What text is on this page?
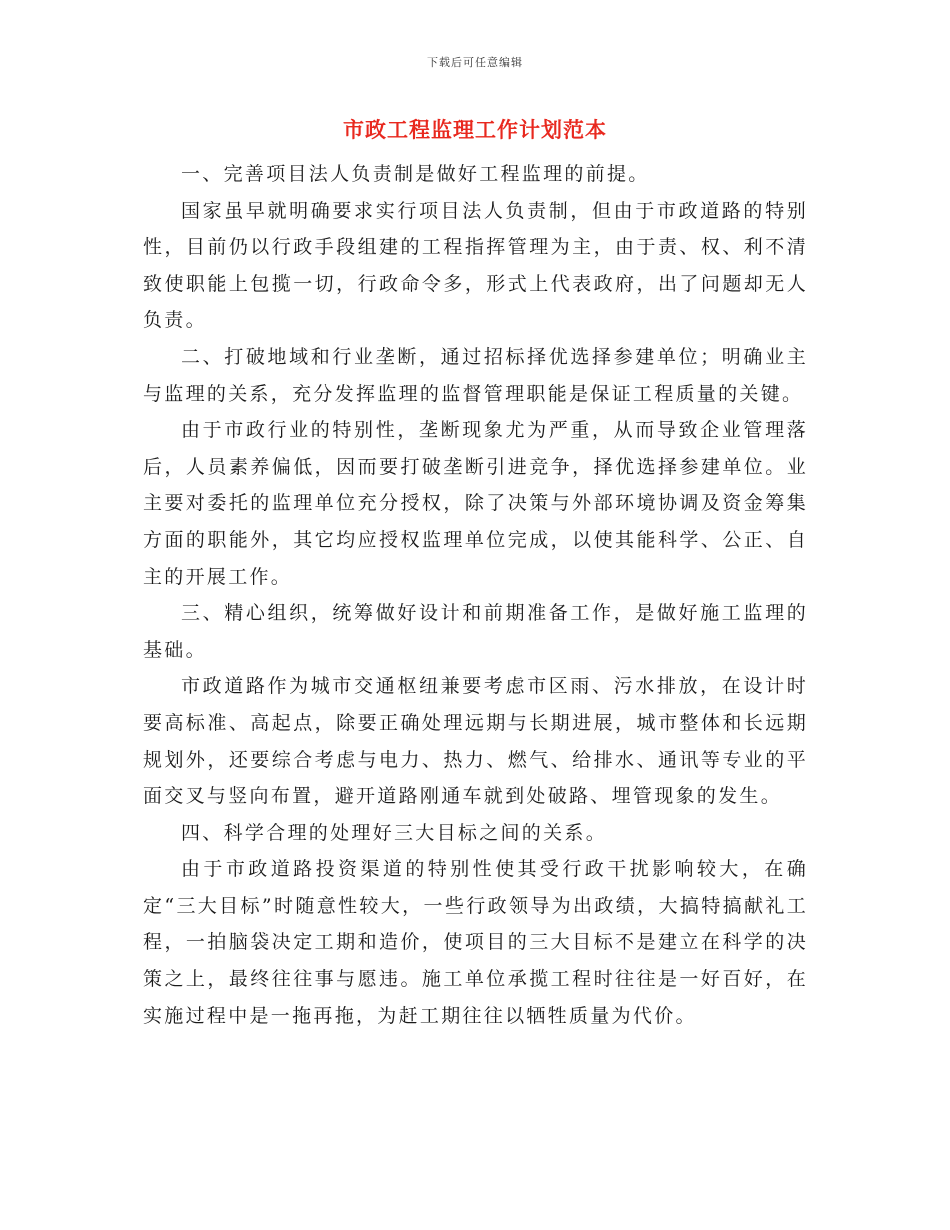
下载后可任意编辑
市政工程监理工作计划范本

一、完善项目法人负责制是做好工程监理的前提。

国家虽早就明确要求实行项目法人负责制，但由于市政道路的特别性，目前仍以行政手段组建的工程指挥管理为主，由于责、权、利不清致使职能上包揽一切，行政命令多，形式上代表政府，出了问题却无人负责。

二、打破地域和行业垄断，通过招标择优选择参建单位；明确业主与监理的关系，充分发挥监理的监督管理职能是保证工程质量的关键。

由于市政行业的特别性，垄断现象尤为严重，从而导致企业管理落后，人员素养偏低，因而要打破垄断引进竞争，择优选择参建单位。业主要对委托的监理单位充分授权，除了决策与外部环境协调及资金筹集方面的职能外，其它均应授权监理单位完成，以使其能科学、公正、自主的开展工作。

三、精心组织，统筹做好设计和前期准备工作，是做好施工监理的基础。

市政道路作为城市交通枢纽兼要考虑市区雨、污水排放，在设计时要高标准、高起点，除要正确处理远期与长期进展，城市整体和长远期规划外，还要综合考虑与电力、热力、燃气、给排水、通讯等专业的平面交叉与竖向布置，避开道路刚通车就到处破路、埋管现象的发生。

四、科学合理的处理好三大目标之间的关系。

由于市政道路投资渠道的特别性使其受行政干扰影响较大，在确定“三大目标”时随意性较大，一些行政领导为出政绩，大搞特搞献礼工程，一拍脑袋决定工期和造价，使项目的三大目标不是建立在科学的决策之上，最终往往事与愿违。施工单位承揽工程时往往是一好百好，在实施过程中是一拖再拖，为赶工期往往以牺牲质量为代价。
